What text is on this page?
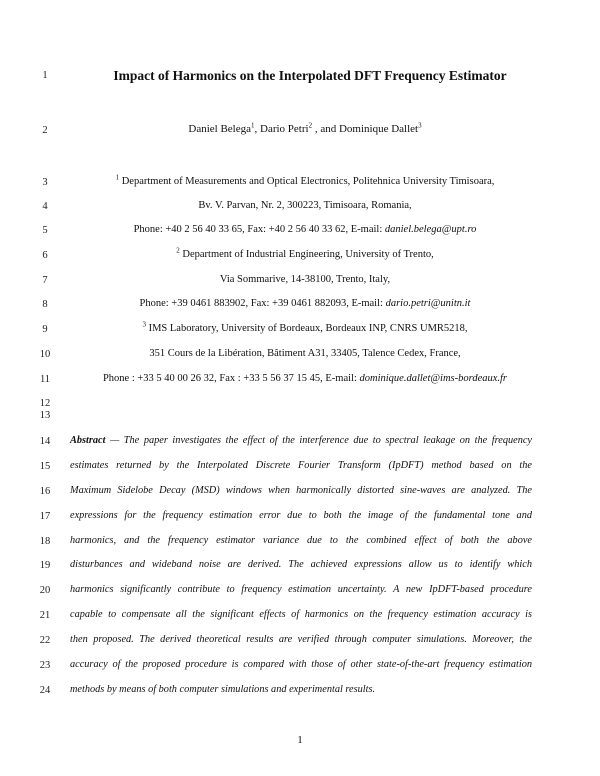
1
2
3
4
5
6
7
8
9
10
11
12
13
14
15
16
17
18
19
20
21
22
23
24
Impact of Harmonics on the Interpolated DFT Frequency Estimator
Daniel Belega$^1$, Dario Petri$^2$ , and Dominique Dallet$^3$
$^1$ Department of Measurements and Optical Electronics, Politehnica University Timisoara,
Bv. V. Parvan, Nr. 2, 300223, Timisoara, Romania,
Phone: +40 2 56 40 33 65, Fax: +40 2 56 40 33 62, E-mail: daniel.belega@upt.ro
$^2$ Department of Industrial Engineering, University of Trento,
Via Sommarive, 14-38100, Trento, Italy,
Phone: +39 0461 883902, Fax: +39 0461 882093, E-mail: dario.petri@unitn.it
$^3$ IMS Laboratory, University of Bordeaux, Bordeaux INP, CNRS UMR5218,
351 Cours de la Libération, Bâtiment A31, 33405, Talence Cedex, France,
Phone : +33 5 40 00 26 32, Fax : +33 5 56 37 15 45, E-mail: dominique.dallet@ims-bordeaux.fr
Abstract — The paper investigates the effect of the interference due to spectral leakage on the frequency
estimates returned by the Interpolated Discrete Fourier Transform (IpDFT) method based on the
Maximum Sidelobe Decay (MSD) windows when harmonically distorted sine-waves are analyzed. The
expressions for the frequency estimation error due to both the image of the fundamental tone and
harmonics, and the frequency estimator variance due to the combined effect of both the above
disturbances and wideband noise are derived. The achieved expressions allow us to identify which
harmonics significantly contribute to frequency estimation uncertainty. A new IpDFT-based procedure
capable to compensate all the significant effects of harmonics on the frequency estimation accuracy is
then proposed. The derived theoretical results are verified through computer simulations. Moreover, the
accuracy of the proposed procedure is compared with those of other state-of-the-art frequency estimation
methods by means of both computer simulations and experimental results.
1
